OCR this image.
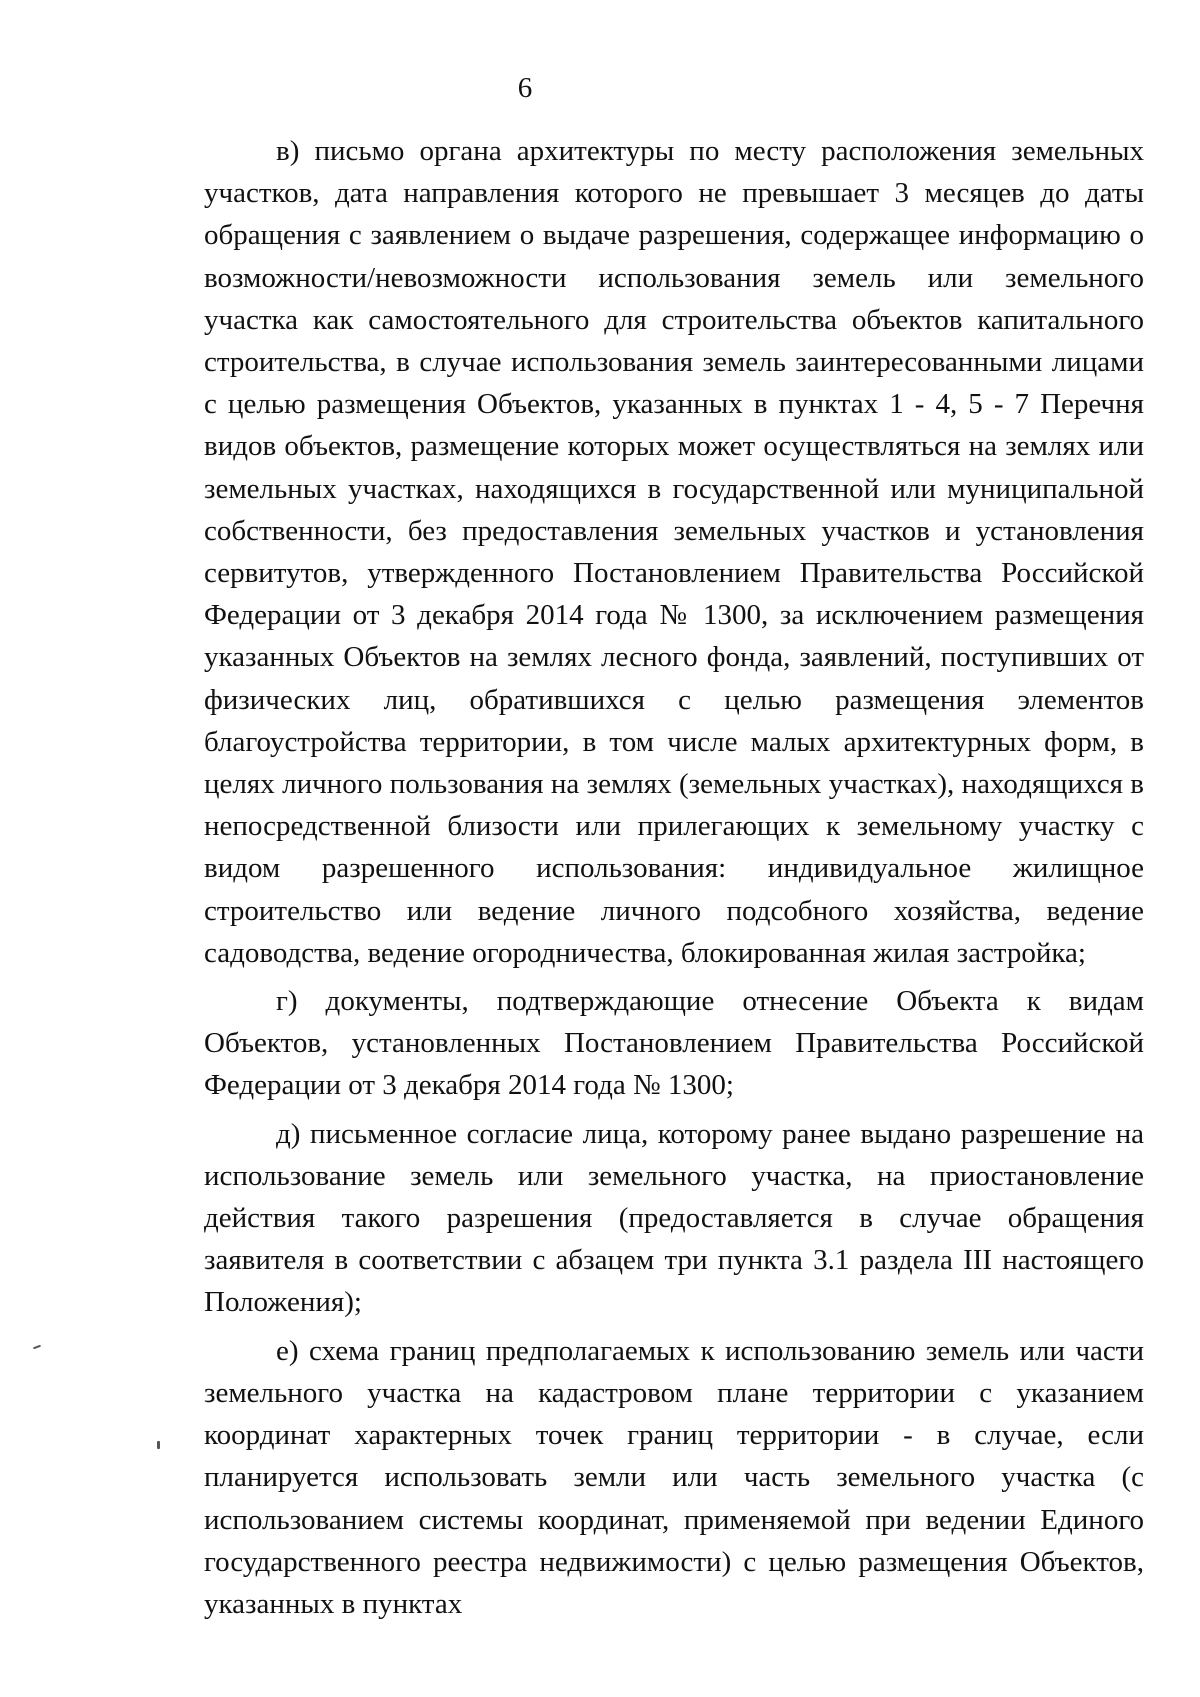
6

в) письмо органа архитектуры по месту расположения земельных участков, дата направления которого не превышает 3 месяцев до даты обращения с заявлением о выдаче разрешения, содержащее информацию о возможности/невозможности использования земель или земельного участка как самостоятельного для строительства объектов капитального строительства, в случае использования земель заинтересованными лицами с целью размещения Объектов, указанных в пунктах 1 - 4, 5 - 7 Перечня видов объектов, размещение которых может осуществляться на землях или земельных участках, находящихся в государственной или муниципальной собственности, без предоставления земельных участков и установления сервитутов, утвержденного Постановлением Правительства Российской Федерации от 3 декабря 2014 года № 1300, за исключением размещения указанных Объектов на землях лесного фонда, заявлений, поступивших от физических лиц, обратившихся с целью размещения элементов благоустройства территории, в том числе малых архитектурных форм, в целях личного пользования на землях (земельных участках), находящихся в непосредственной близости или прилегающих к земельному участку с видом разрешенного использования: индивидуальное жилищное строительство или ведение личного подсобного хозяйства, ведение садоводства, ведение огородничества, блокированная жилая застройка;

г) документы, подтверждающие отнесение Объекта к видам Объектов, установленных Постановлением Правительства Российской Федерации от 3 декабря 2014 года № 1300;

д) письменное согласие лица, которому ранее выдано разрешение на использование земель или земельного участка, на приостановление действия такого разрешения (предоставляется в случае обращения заявителя в соответствии с абзацем три пункта 3.1 раздела III настоящего Положения);

е) схема границ предполагаемых к использованию земель или части земельного участка на кадастровом плане территории с указанием координат характерных точек границ территории - в случае, если планируется использовать земли или часть земельного участка (с использованием системы координат, применяемой при ведении Единого государственного реестра недвижимости) с целью размещения Объектов, указанных в пунктах
